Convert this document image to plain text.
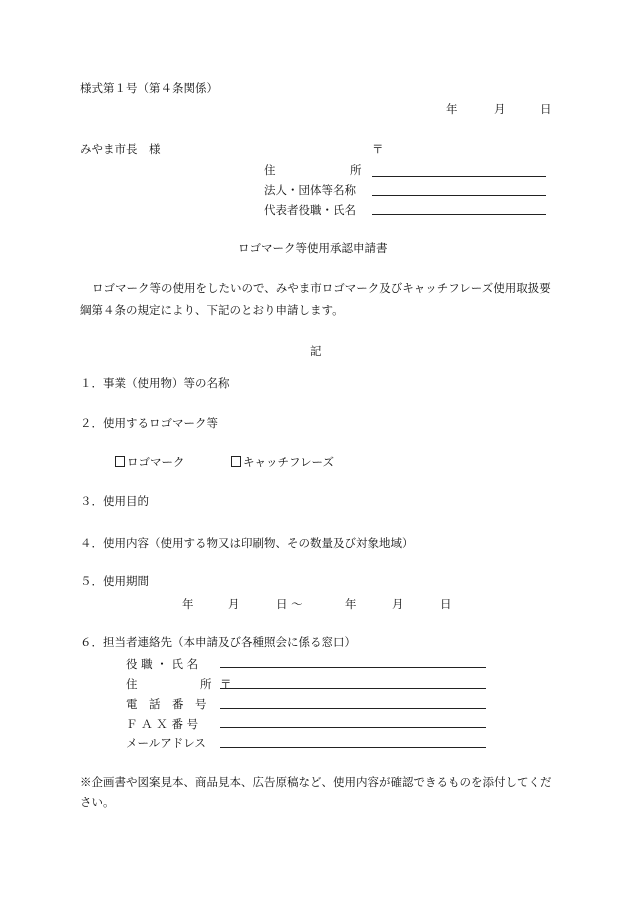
様式第１号（第４条関係）
年	月	日
みやま市長　様	〒
住	所
法人・団体等名称
代表者役職・氏名
ロゴマーク等使用承認申請書
ロゴマーク等の使用をしたいので、みやま市ロゴマーク及びキャッチフレーズ使用取扱要綱第４条の規定により、下記のとおり申請します。
記
１．事業（使用物）等の名称
２．使用するロゴマーク等
ロゴマーク	キャッチフレーズ
３．使用目的
４．使用内容（使用する物又は印刷物、その数量及び対象地域）
５．使用期間
年	月	日 〜	年	月	日
６．担当者連絡先（本申請及び各種照会に係る窓口）
役 職 ・ 氏 名
住	所 〒
電　話　番　号
Ｆ Ａ Ｘ 番 号
メールアドレス
※企画書や図案見本、商品見本、広告原稿など、使用内容が確認できるものを添付してください。
